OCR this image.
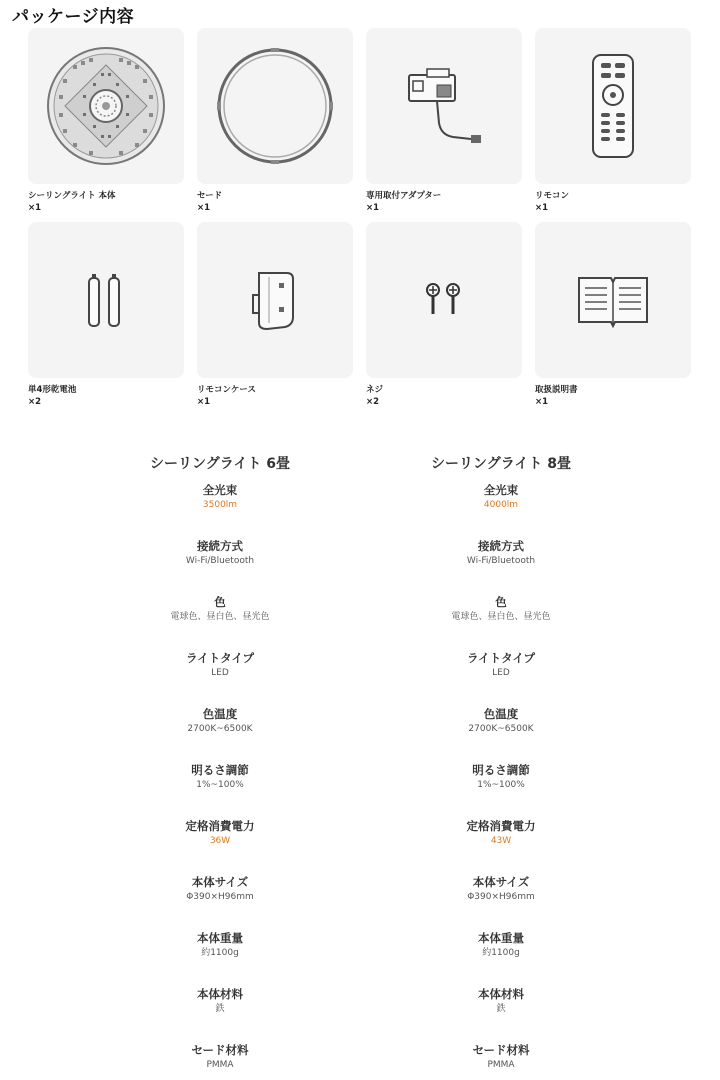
パッケージ内容
シーリングライト 本体
×1
セード
×1
専用取付アダプター
×1
リモコン
×1
単4形乾電池
×2
リモコンケース
×1
ネジ
×2
取扱説明書
×1
シーリングライト 6畳
全光束
3500lm
接続方式
Wi-Fi/Bluetooth
色
電球色、昼白色、昼光色
ライトタイプ
LED
色温度
2700K~6500K
明るさ調節
1%~100%
定格消費電力
36W
本体サイズ
Φ390×H96mm
本体重量
約1100g
本体材料
鉄
セード材料
PMMA
シーリングライト 8畳
全光束
4000lm
接続方式
Wi-Fi/Bluetooth
色
電球色、昼白色、昼光色
ライトタイプ
LED
色温度
2700K~6500K
明るさ調節
1%~100%
定格消費電力
43W
本体サイズ
Φ390×H96mm
本体重量
約1100g
本体材料
鉄
セード材料
PMMA
